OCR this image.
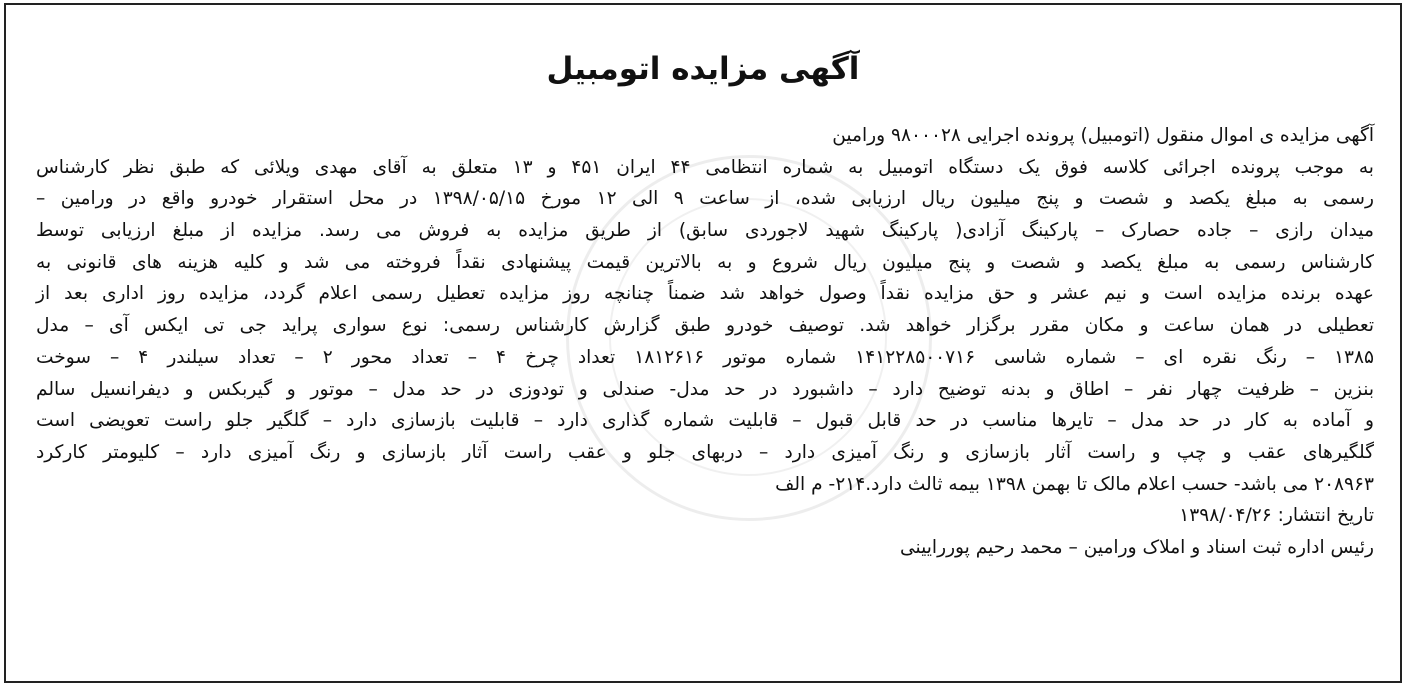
آگهی مزایده اتومبیل
آگهی مزایده ی اموال منقول (اتومبیل) پرونده اجرایی ۹۸۰۰۰۲۸ ورامین
به موجب پرونده اجرائی کلاسه فوق یک دستگاه اتومبیل به شماره انتظامی ۴۴ ایران ۴۵۱ و ۱۳ متعلق به آقای مهدی ویلائی که طبق نظر کارشناس
رسمی به مبلغ یکصد و شصت و پنج میلیون ریال ارزیابی شده، از ساعت ۹ الی ۱۲ مورخ ۱۳۹۸/۰۵/۱۵ در محل استقرار خودرو واقع در ورامین –
میدان رازی – جاده حصارک – پارکینگ آزادی( پارکینگ شهید لاجوردی سابق) از طریق مزایده به فروش می رسد. مزایده از مبلغ ارزیابی توسط
کارشناس رسمی به مبلغ یکصد و شصت و پنج میلیون ریال شروع و به بالاترین قیمت پیشنهادی نقداً فروخته می شد و کلیه هزینه های قانونی به
عهده برنده مزایده است و نیم عشر و حق مزایده نقداً وصول خواهد شد ضمناً چنانچه روز مزایده تعطیل رسمی اعلام گردد، مزایده روز اداری بعد از
تعطیلی در همان ساعت و مکان مقرر برگزار خواهد شد. توصیف خودرو طبق گزارش کارشناس رسمی: نوع سواری پراید جی تی ایکس آی – مدل
۱۳۸۵ – رنگ نقره ای – شماره شاسی ۱۴۱۲۲۸۵۰۰۷۱۶ شماره موتور ۱۸۱۲۶۱۶ تعداد چرخ ۴ – تعداد محور ۲ – تعداد سیلندر ۴ – سوخت
بنزین – ظرفیت چهار نفر – اطاق و بدنه توضیح دارد – داشبورد در حد مدل- صندلی و تودوزی در حد مدل – موتور و گیربکس و دیفرانسیل سالم
و آماده به کار در حد مدل – تایرها مناسب در حد قابل قبول – قابلیت شماره گذاری دارد – قابلیت بازسازی دارد – گلگیر جلو راست تعویضی است
گلگیرهای عقب و چپ و راست آثار بازسازی و رنگ آمیزی دارد – دربهای جلو و عقب راست آثار بازسازی و رنگ آمیزی دارد – کلیومتر کارکرد
۲۰۸۹۶۳ می باشد- حسب اعلام مالک تا بهمن ۱۳۹۸ بیمه ثالث دارد.۲۱۴- م الف
تاریخ انتشار: ۱۳۹۸/۰۴/۲۶
رئیس اداره ثبت اسناد و املاک ورامین – محمد رحیم پوررایینی
